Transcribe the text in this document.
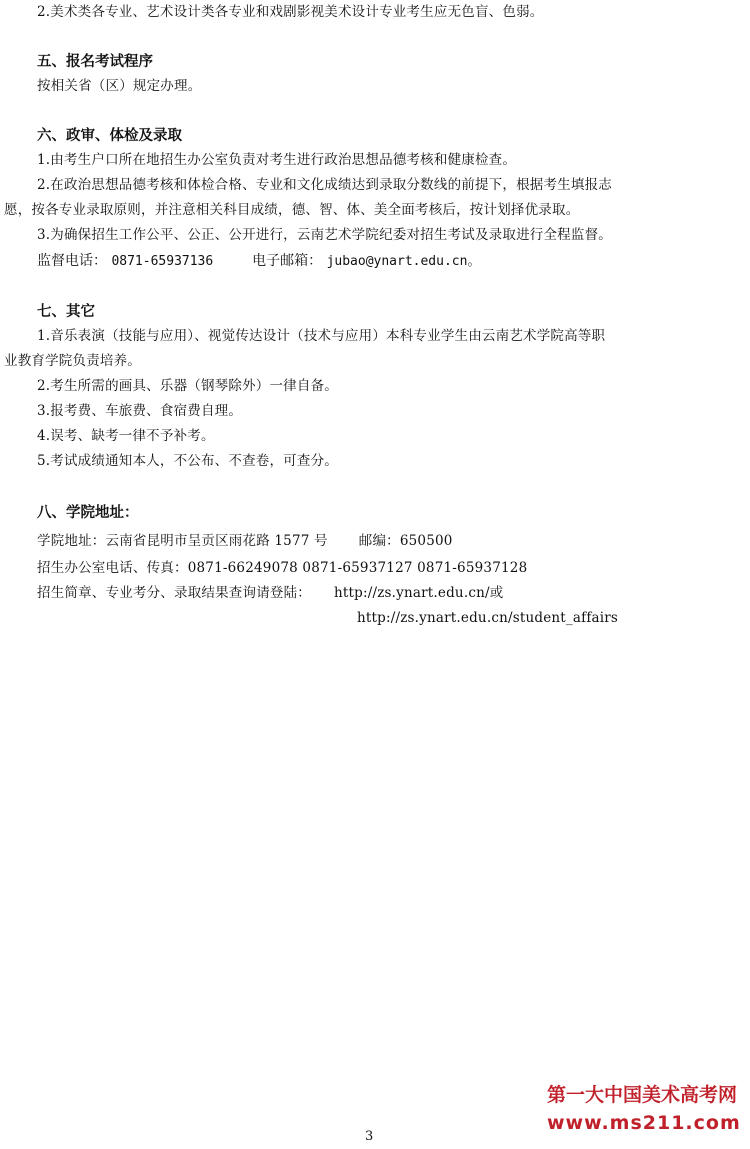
2.美术类各专业、艺术设计类各专业和戏剧影视美术设计专业考生应无色盲、色弱。
五、报名考试程序
按相关省（区）规定办理。
六、政审、体检及录取
1.由考生户口所在地招生办公室负责对考生进行政治思想品德考核和健康检查。
2.在政治思想品德考核和体检合格、专业和文化成绩达到录取分数线的前提下，根据考生填报志
愿，按各专业录取原则，并注意相关科目成绩，德、智、体、美全面考核后，按计划择优录取。
3.为确保招生工作公平、公正、公开进行，云南艺术学院纪委对招生考试及录取进行全程监督。
监督电话： 0871-65937136	电子邮箱： jubao@ynart.edu.cn。
七、其它
1.音乐表演（技能与应用）、视觉传达设计（技术与应用）本科专业学生由云南艺术学院高等职
业教育学院负责培养。
2.考生所需的画具、乐器（钢琴除外）一律自备。
3.报考费、车旅费、食宿费自理。
4.误考、缺考一律不予补考。
5.考试成绩通知本人，不公布、不查卷，可查分。
八、学院地址：
学院地址：云南省昆明市呈贡区雨花路 1577 号 邮编：650500
招生办公室电话、传真：0871-66249078 0871-65937127 0871-65937128
招生简章、专业考分、录取结果查询请登陆： http://zs.ynart.edu.cn/或
http://zs.ynart.edu.cn/student_affairs
第一大中国美术高考网
www.ms211.com
3
